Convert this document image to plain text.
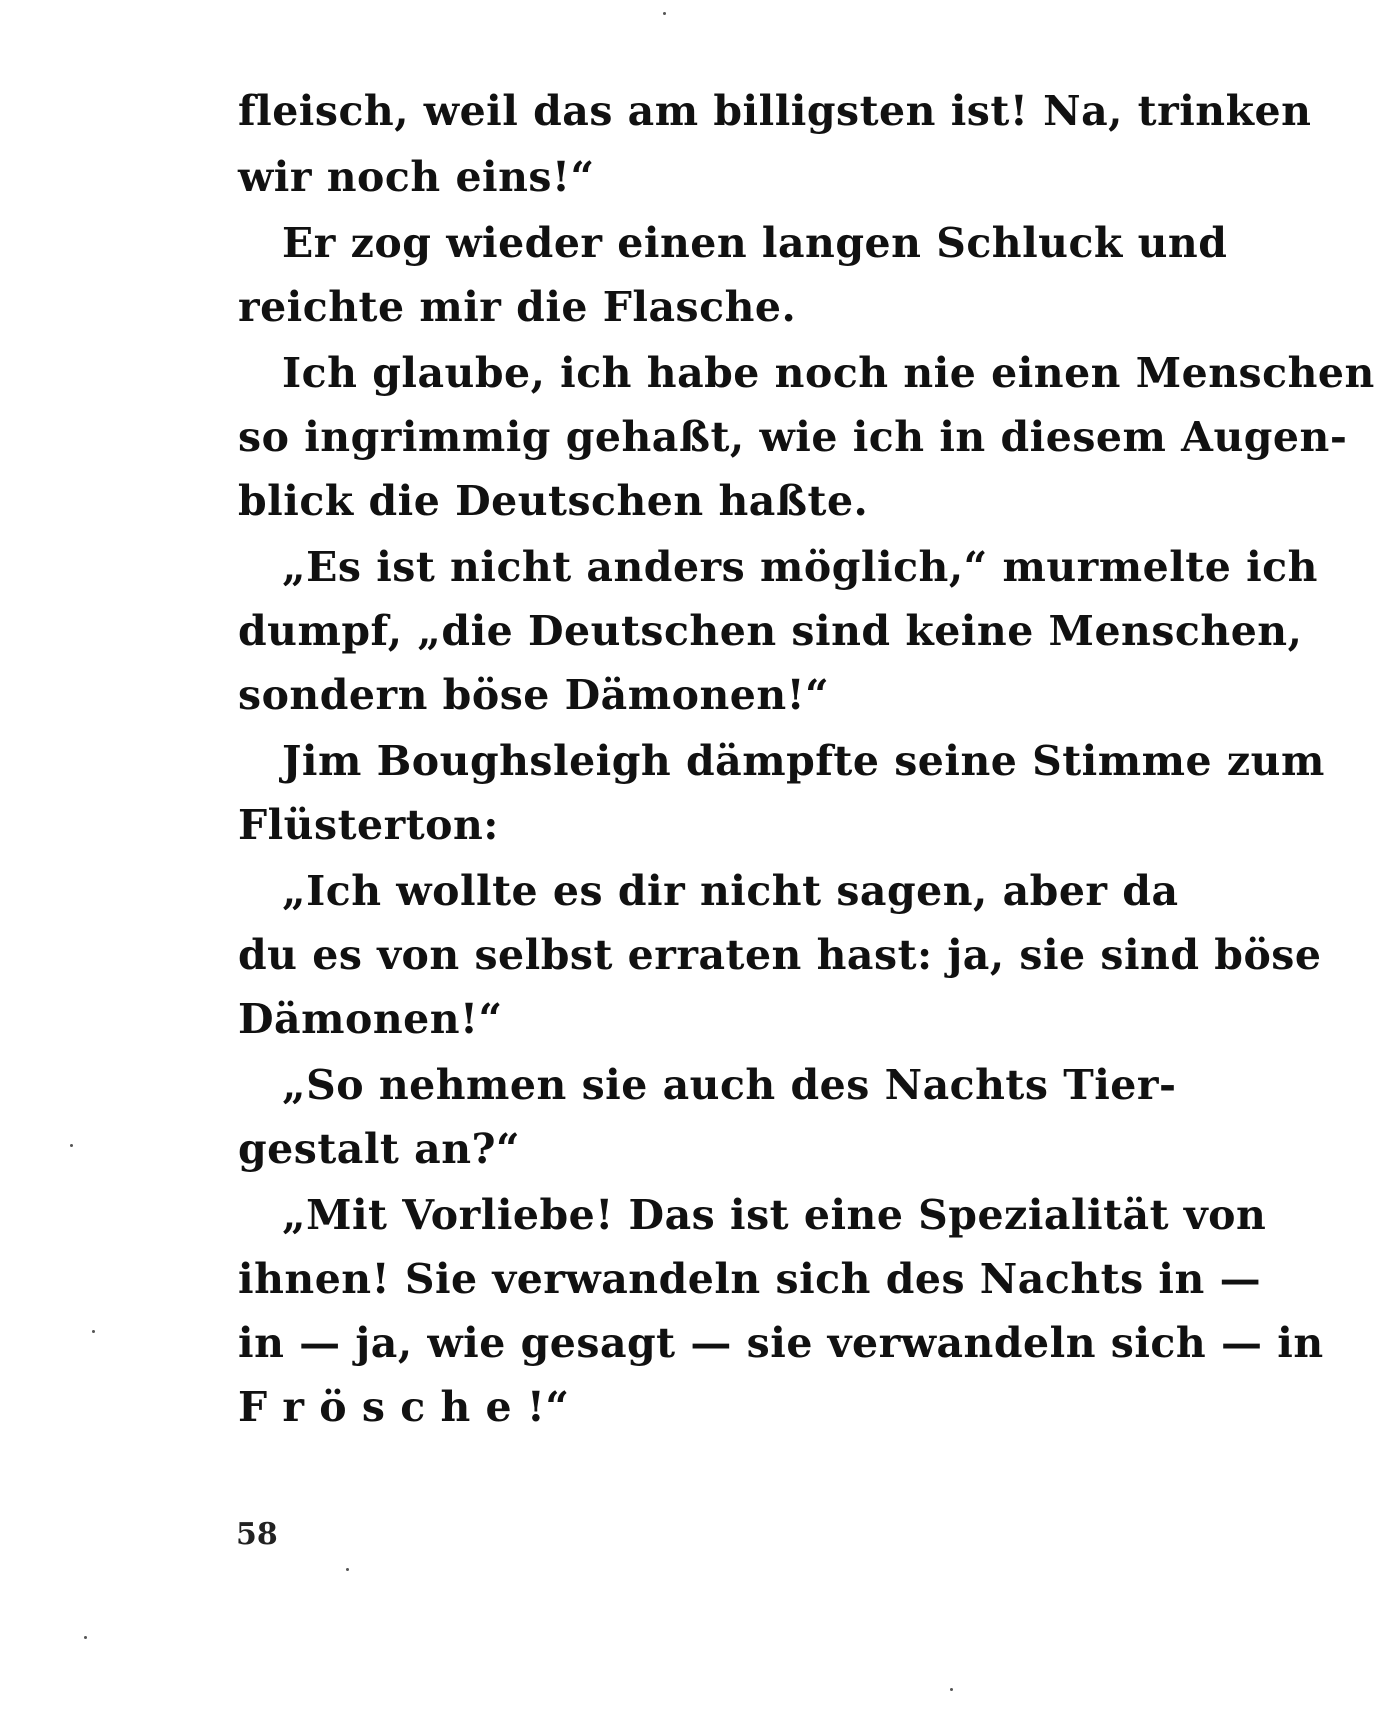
fleisch, weil das am billigsten ist! Na, trinken
wir noch eins!“
Er zog wieder einen langen Schluck und
reichte mir die Flasche.
Ich glaube, ich habe noch nie einen Menschen
so ingrimmig gehaßt, wie ich in diesem Augen-
blick die Deutschen haßte.
„Es ist nicht anders möglich,“ murmelte ich
dumpf, „die Deutschen sind keine Menschen,
sondern böse Dämonen!“
Jim Boughsleigh dämpfte seine Stimme zum
Flüsterton:
„Ich wollte es dir nicht sagen, aber da
du es von selbst erraten hast: ja, sie sind böse
Dämonen!“
„So nehmen sie auch des Nachts Tier-
gestalt an?“
„Mit Vorliebe! Das ist eine Spezialität von
ihnen! Sie verwandeln sich des Nachts in —
in — ja, wie gesagt — sie verwandeln sich — in
F r ö s c h e !“
58
